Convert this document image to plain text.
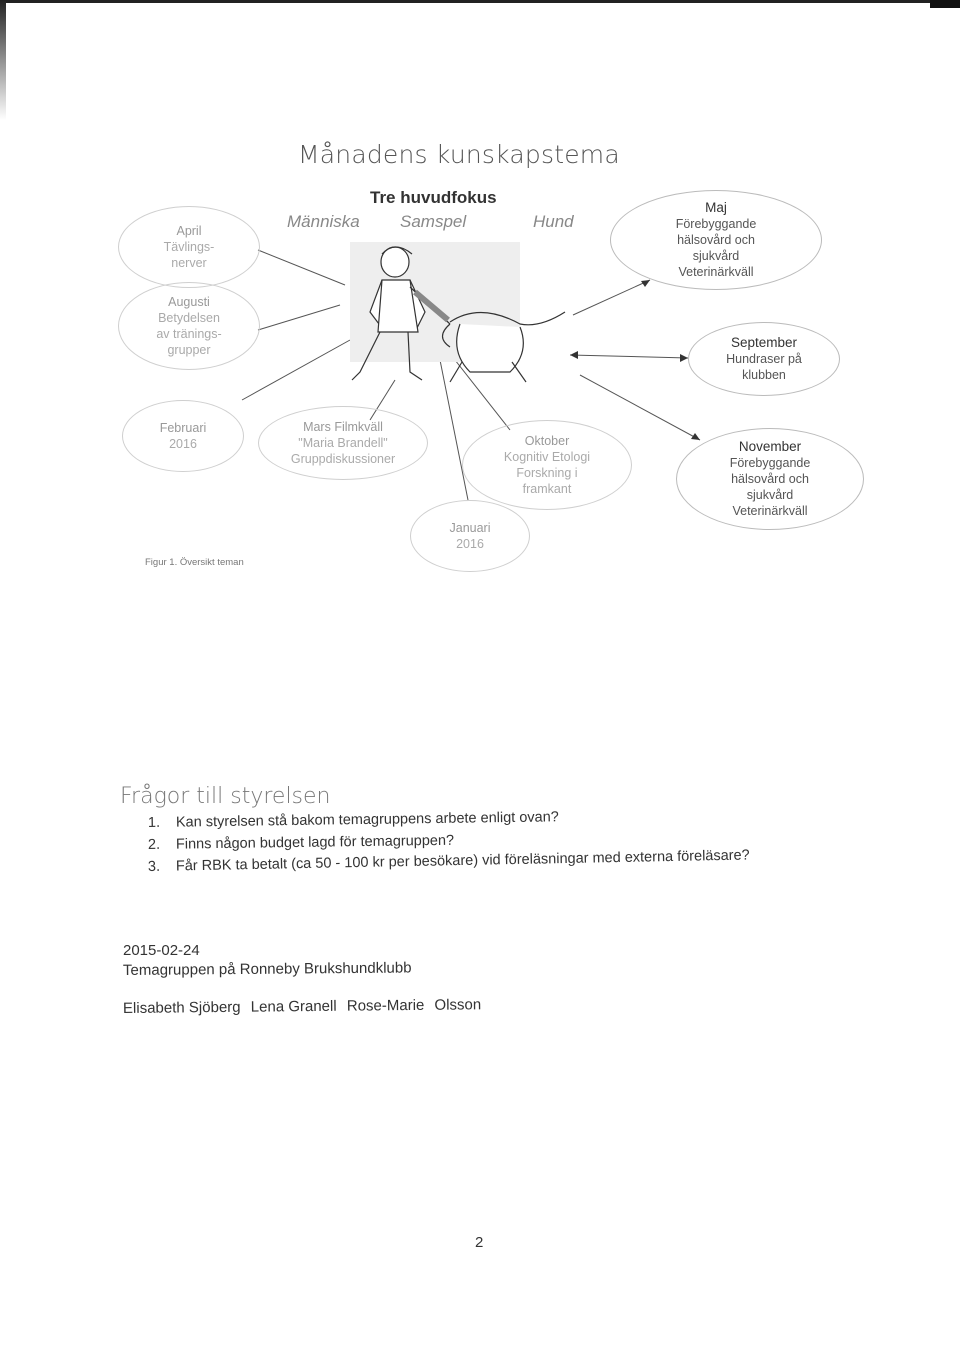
Månadens kunskapstema
Tre huvudfokus
Människa Samspel	Hund
April
Tävlings-
nerver
Augusti
Betydelsen
av tränings-
grupper
Februari
2016
Mars Filmkväll
"Maria Brandell"
Gruppdiskussioner
Januari
2016
Oktober
Kognitiv Etologi
Forskning i
framkant
Maj
Förebyggande
hälsovård och
sjukvård
Veterinärkväll
September
Hundraser på
klubben
November
Förebyggande
hälsovård och
sjukvård
Veterinärkväll
Figur 1. Översikt teman
Frågor till styrelsen
1. Kan styrelsen stå bakom temagruppens arbete enligt ovan?
2. Finns någon budget lagd för temagruppen?
3. Får RBK ta betalt (ca 50 - 100 kr per besökare) vid föreläsningar med externa föreläsare?
2015-02-24
Temagruppen på Ronneby Brukshundklubb
Elisabeth Sjöberg Lena Granell Rose-Marie Olsson
2
